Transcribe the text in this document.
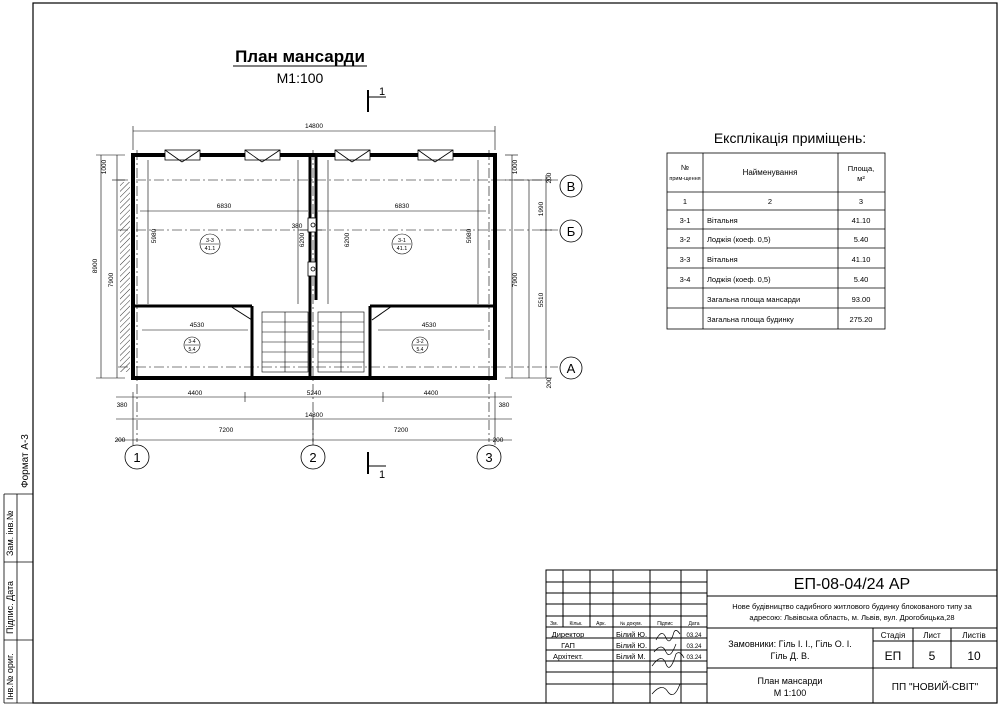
Формат А-3
Зам. інв.№
Підпис. Дата
Інв.№ ориг.
План мансарди
М1:100
1
1
3-3
41.1
3-1
41.1
3-4
5.4
3-2
5.4
14800
6830	6830
380
4530	4530
5980	6200	6200	5980
4400	5240	4400
380	380
14800
7200	7200
200	200
8900
7900
1000	1000
7900
200
1990
5510
200
В
Б
А
1	2	3
Експлікація приміщень:
№
прим-щення
Найменування	Площа,
м²
1	2	3
3-1 Вітальня	41.10
3-2 Лоджія (коеф. 0,5)	5.40
3-3 Вітальня	41.10
3-4 Лоджія (коеф. 0,5)	5.40
Загальна площа мансарди	93.00
Загальна площа будинку	275.20
Зм. Кільк.	Арк.	№ докум.	Підпис	Дата
Директор	Білий Ю.	03.24
ГАП	Білий Ю.	03.24
Архітект.	Білий М.	03.24
ЕП-08-04/24 АР
Нове будівництво садибного житлового будинку блокованого типу за
адресою: Львівська область, м. Львів, вул. Дрогобицька,28
Замовники: Гіль І. І., Гіль О. І.
Гіль Д. В.
Стадія Лист	Листів
ЕП 5	10
План мансарди
М 1:100	ПП "НОВИЙ-СВІТ"
